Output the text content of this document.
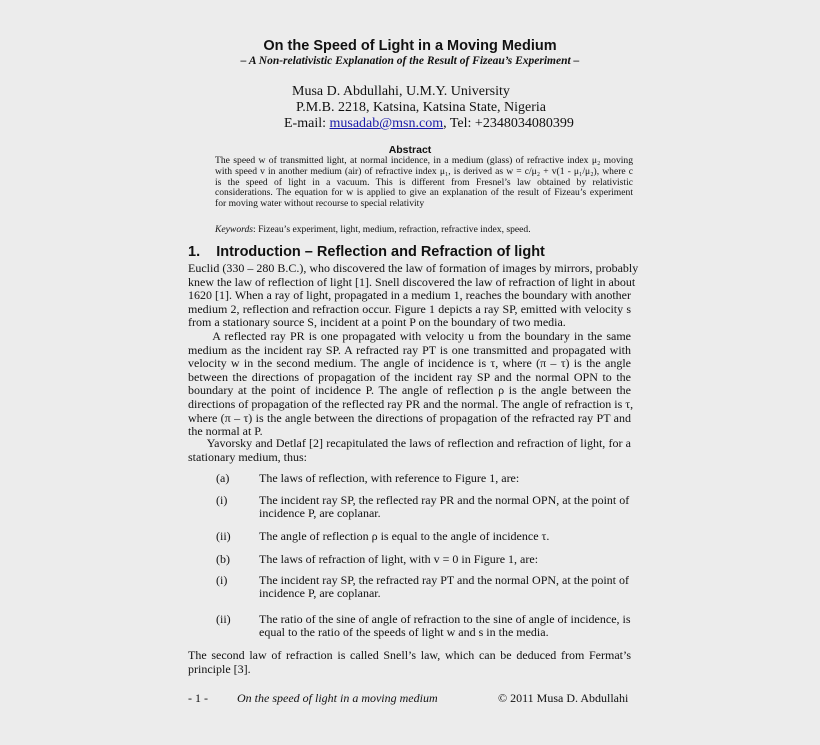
On the Speed of Light in a Moving Medium
– A Non-relativistic Explanation of the Result of Fizeau’s Experiment –
Musa D. Abdullahi, U.M.Y. University
P.M.B. 2218, Katsina, Katsina State, Nigeria
E-mail: musadab@msn.com, Tel: +2348034080399
Abstract
The speed w of transmitted light, at normal incidence, in a medium (glass) of refractive index μ₂ moving
with speed v in another medium (air) of refractive index μ₁, is derived as w = c/μ₂ + v(1 - μ₁/μ₂), where c
is the speed of light in a vacuum. This is different from Fresnel’s law obtained by relativistic
considerations. The equation for w is applied to give an explanation of the result of Fizeau’s experiment
for moving water without recourse to special relativity
Keywords: Fizeau’s experiment, light, medium, refraction, refractive index, speed.
1. Introduction – Reflection and Refraction of light
Euclid (330 – 280 B.C.), who discovered the law of formation of images by mirrors, probably
knew the law of reflection of light [1]. Snell discovered the law of refraction of light in about
1620 [1]. When a ray of light, propagated in a medium 1, reaches the boundary with another
medium 2, reflection and refraction occur. Figure 1 depicts a ray SP, emitted with velocity s
from a stationary source S, incident at a point P on the boundary of two media.
A reflected ray PR is one propagated with velocity u from the boundary in the same
medium as the incident ray SP. A refracted ray PT is one transmitted and propagated with
velocity w in the second medium. The angle of incidence is τ, where (π – τ) is the angle
between the directions of propagation of the incident ray SP and the normal OPN to the
boundary at the point of incidence P. The angle of reflection ρ is the angle between the
directions of propagation of the reflected ray PR and the normal. The angle of refraction is τ,
where (π – τ) is the angle between the directions of propagation of the refracted ray PT and
the normal at P.
Yavorsky and Detlaf [2] recapitulated the laws of reflection and refraction of light, for a
stationary medium, thus:
(a) The laws of reflection, with reference to Figure 1, are:
(i)	The incident ray SP, the reflected ray PR and the normal OPN, at the point of
incidence P, are coplanar.
(ii) The angle of reflection ρ is equal to the angle of incidence τ.
(b) The laws of refraction of light, with v = 0 in Figure 1, are:
(i)	The incident ray SP, the refracted ray PT and the normal OPN, at the point of
incidence P, are coplanar.
(ii) The ratio of the sine of angle of refraction to the sine of angle of incidence, is
equal to the ratio of the speeds of light w and s in the media.
The second law of refraction is called Snell’s law, which can be deduced from Fermat’s
principle [3].
- 1 - On the speed of light in a moving medium	© 2011 Musa D. Abdullahi
